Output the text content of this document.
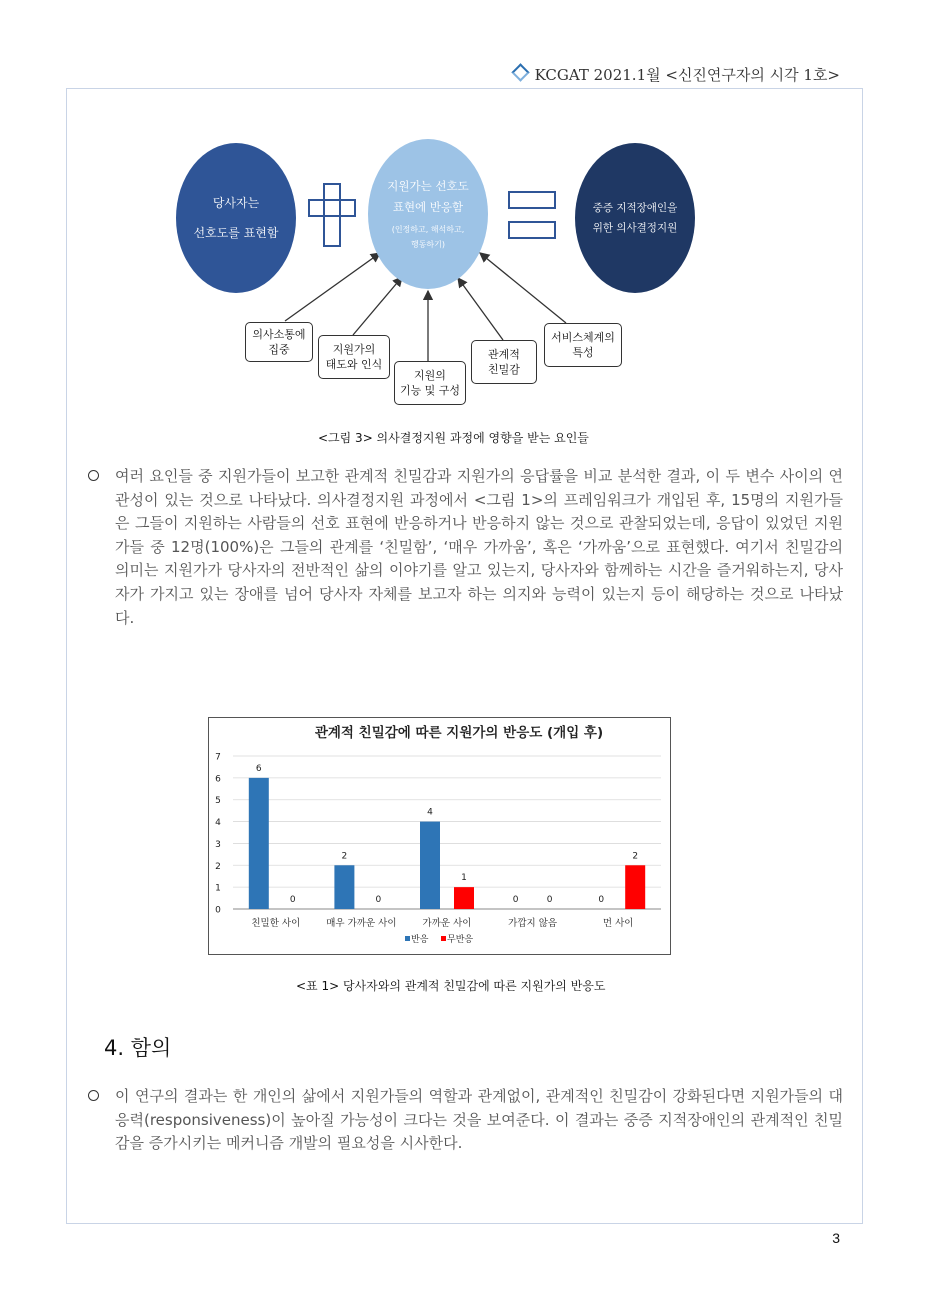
KCGAT 2021.1월 <신진연구자의 시각 1호>
당사자는
선호도를 표현함
지원가는 선호도
표현에 반응함
(인정하고, 해석하고,
행동하기)
중증 지적장애인을
위한 의사결정지원
의사소통에
집중	지원가의
태도와 인식
지원의
기능 및 구성
관계적
친밀감
서비스체계의
특성
<그림 3> 의사결정지원 과정에 영향을 받는 요인들
여러 요인들 중 지원가들이 보고한 관계적 친밀감과 지원가의 응답률을 비교 분석한 결과, 이 두 변수 사이의 연관성이 있는 것으로 나타났다. 의사결정지원 과정에서 <그림 1>의 프레임워크가 개입된 후, 15명의 지원가들은 그들이 지원하는 사람들의 선호 표현에 반응하거나 반응하지 않는 것으로 관찰되었는데, 응답이 있었던 지원가들 중 12명(100%)은 그들의 관계를 ‘친밀함’, ‘매우 가까움’, 혹은 ‘가까움’으로 표현했다. 여기서 친밀감의 의미는 지원가가 당사자의 전반적인 삶의 이야기를 알고 있는지, 당사자와 함께하는 시간을 즐거워하는지, 당사자가 가지고 있는 장애를 넘어 당사자 자체를 보고자 하는 의지와 능력이 있는지 등이 해당하는 것으로 나타났다.
관계적 친밀감에 따른 지원가의 반응도 (개입 후)
0
1
2
3
4
5
6
7
6
0
친밀한 사이
2
0
매우 가까운 사이
4
1
가까운 사이
0	0
가깝지 않음
0
2
먼 사이
반응 무반응
<표 1> 당사자와의 관계적 친밀감에 따른 지원가의 반응도
4. 함의
이 연구의 결과는 한 개인의 삶에서 지원가들의 역할과 관계없이, 관계적인 친밀감이 강화된다면 지원가들의 대응력(responsiveness)이 높아질 가능성이 크다는 것을 보여준다. 이 결과는 중증 지적장애인의 관계적인 친밀감을 증가시키는 메커니즘 개발의 필요성을 시사한다.
3
